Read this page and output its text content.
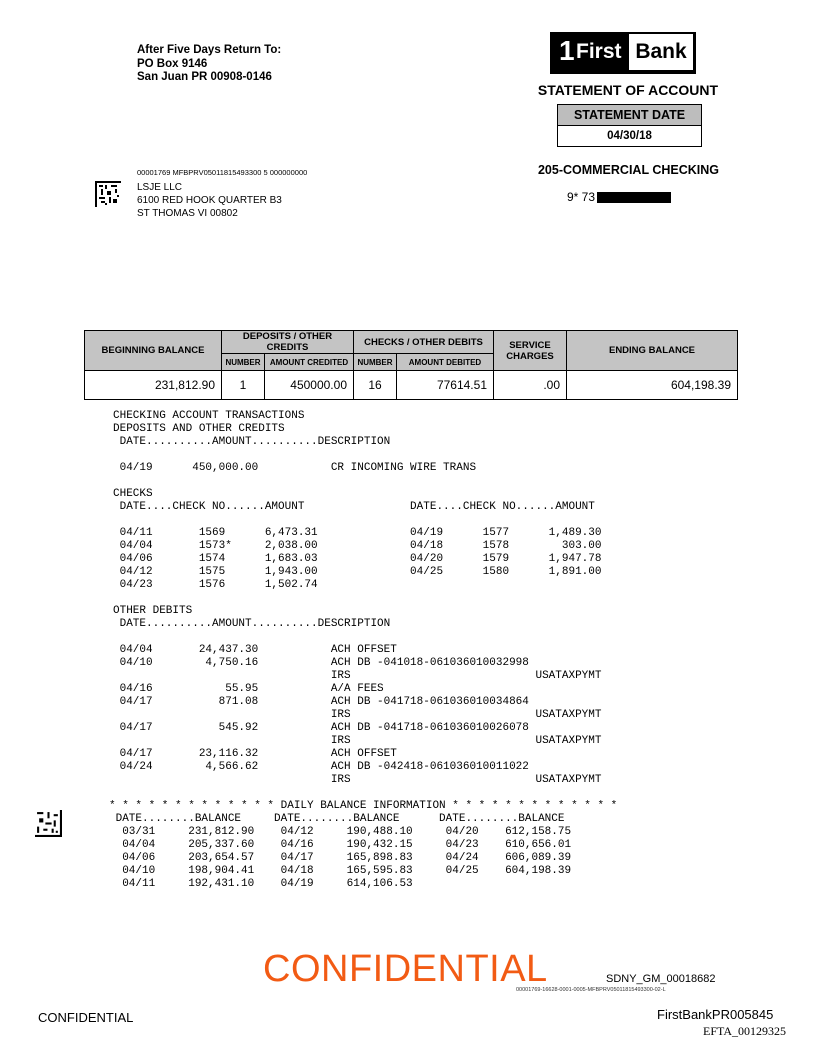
After Five Days Return To:
PO Box 9146
San Juan PR 00908-0146
1 First Bank
STATEMENT OF ACCOUNT
STATEMENT DATE
04/30/18
205-COMMERCIAL CHECKING
9* 73
00001769 MFBPRV05011815493300 5 000000000
LSJE LLC
6100 RED HOOK QUARTER B3
ST THOMAS VI 00802
BEGINNING BALANCE	DEPOSITS / OTHER CREDITS		CHECKS / OTHER DEBITS		SERVICE CHARGES	ENDING BALANCE
	NUMBER	AMOUNT CREDITED	NUMBER	AMOUNT DEBITED		
231,812.90	1	450000.00	16	77614.51	.00	604,198.39
CHECKING ACCOUNT TRANSACTIONS
DEPOSITS AND OTHER CREDITS
DATE..........AMOUNT..........DESCRIPTION

04/19      450,000.00           CR INCOMING WIRE TRANS

CHECKS
DATE....CHECK NO......AMOUNT                DATE....CHECK NO......AMOUNT

04/11       1569      6,473.31              04/19      1577      1,489.30
04/04       1573*     2,038.00              04/18      1578        303.00
04/06       1574      1,683.03              04/20      1579      1,947.78
04/12       1575      1,943.00              04/25      1580      1,891.00
04/23       1576      1,502.74

OTHER DEBITS
DATE..........AMOUNT..........DESCRIPTION

04/04       24,437.30           ACH OFFSET
04/10        4,750.16           ACH DB -041018-061036010032998
IRS                            USATAXPYMT
04/16           55.95           A/A FEES
04/17          871.08           ACH DB -041718-061036010034864
IRS                            USATAXPYMT
04/17          545.92           ACH DB -041718-061036010026078
IRS                            USATAXPYMT
04/17       23,116.32           ACH OFFSET
04/24        4,566.62           ACH DB -042418-061036010011022
IRS                            USATAXPYMT
* * * * * * * * * * * * * DAILY BALANCE INFORMATION * * * * * * * * * * * * *
DATE........BALANCE     DATE........BALANCE      DATE........BALANCE
03/31     231,812.90    04/12     190,488.10     04/20    612,158.75
04/04     205,337.60    04/16     190,432.15     04/23    610,656.01
04/06     203,654.57    04/17     165,898.83     04/24    606,089.39
04/10     198,904.41    04/18     165,595.83     04/25    604,198.39
04/11     192,431.10    04/19     614,106.53
CONFIDENTIAL	SDNY_GM_00018682
00001769-16628-0001-0005-MFBPRV05011815493300-02-L
CONFIDENTIAL	FirstBankPR005845
EFTA_00129325
